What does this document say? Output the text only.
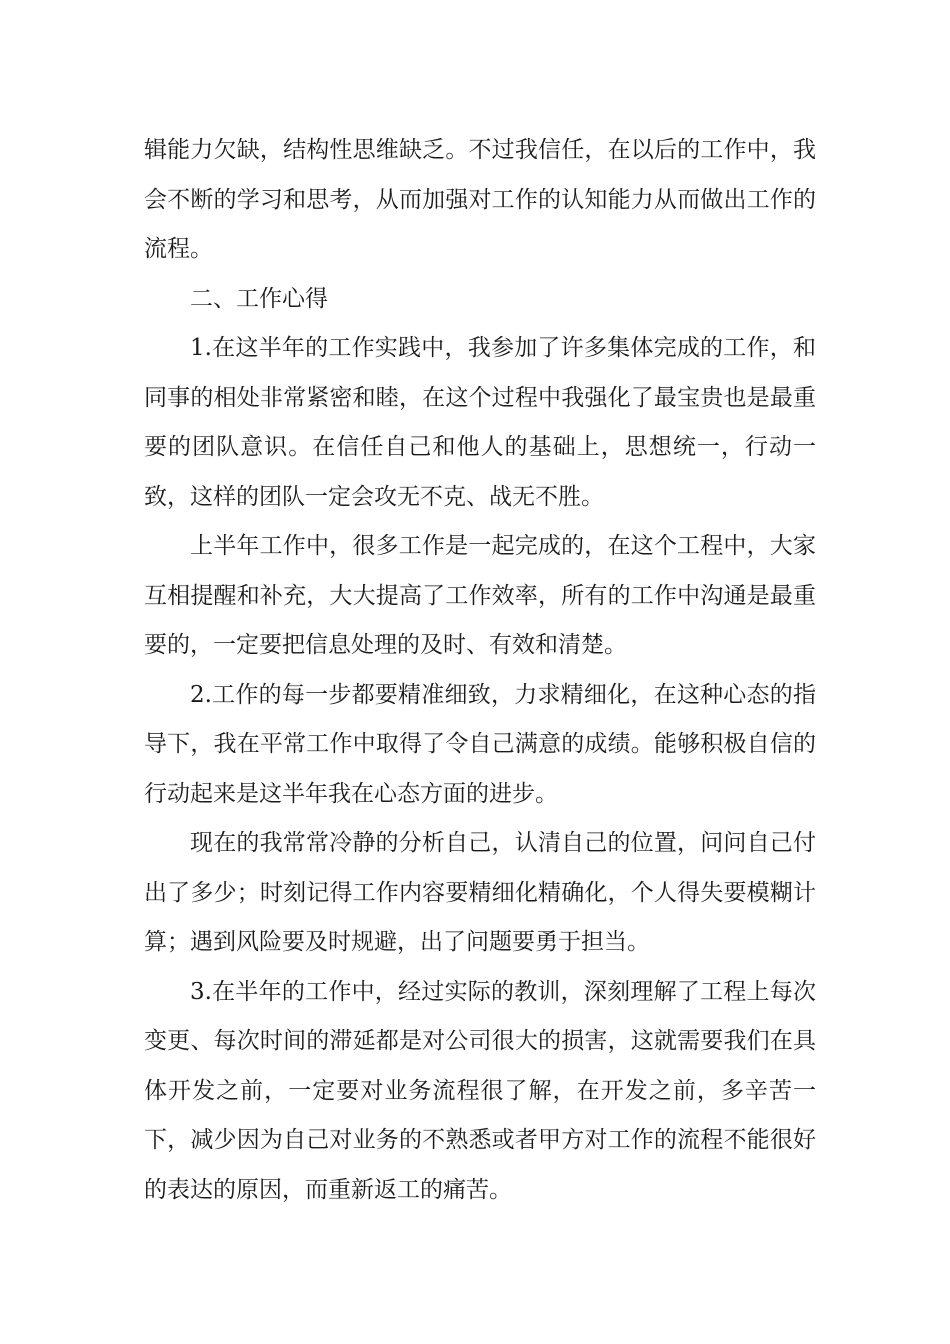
辑能力欠缺，结构性思维缺乏。不过我信任，在以后的工作中，我会不断的学习和思考，从而加强对工作的认知能力从而做出工作的流程。

二、工作心得

1.在这半年的工作实践中，我参加了许多集体完成的工作，和同事的相处非常紧密和睦，在这个过程中我强化了最宝贵也是最重要的团队意识。在信任自己和他人的基础上，思想统一，行动一致，这样的团队一定会攻无不克、战无不胜。

上半年工作中，很多工作是一起完成的，在这个工程中，大家互相提醒和补充，大大提高了工作效率，所有的工作中沟通是最重要的，一定要把信息处理的及时、有效和清楚。

2.工作的每一步都要精准细致，力求精细化，在这种心态的指导下，我在平常工作中取得了令自己满意的成绩。能够积极自信的行动起来是这半年我在心态方面的进步。

现在的我常常冷静的分析自己，认清自己的位置，问问自己付出了多少；时刻记得工作内容要精细化精确化，个人得失要模糊计算；遇到风险要及时规避，出了问题要勇于担当。

3.在半年的工作中，经过实际的教训，深刻理解了工程上每次变更、每次时间的滞延都是对公司很大的损害，这就需要我们在具体开发之前，一定要对业务流程很了解，在开发之前，多辛苦一下，减少因为自己对业务的不熟悉或者甲方对工作的流程不能很好的表达的原因，而重新返工的痛苦。
